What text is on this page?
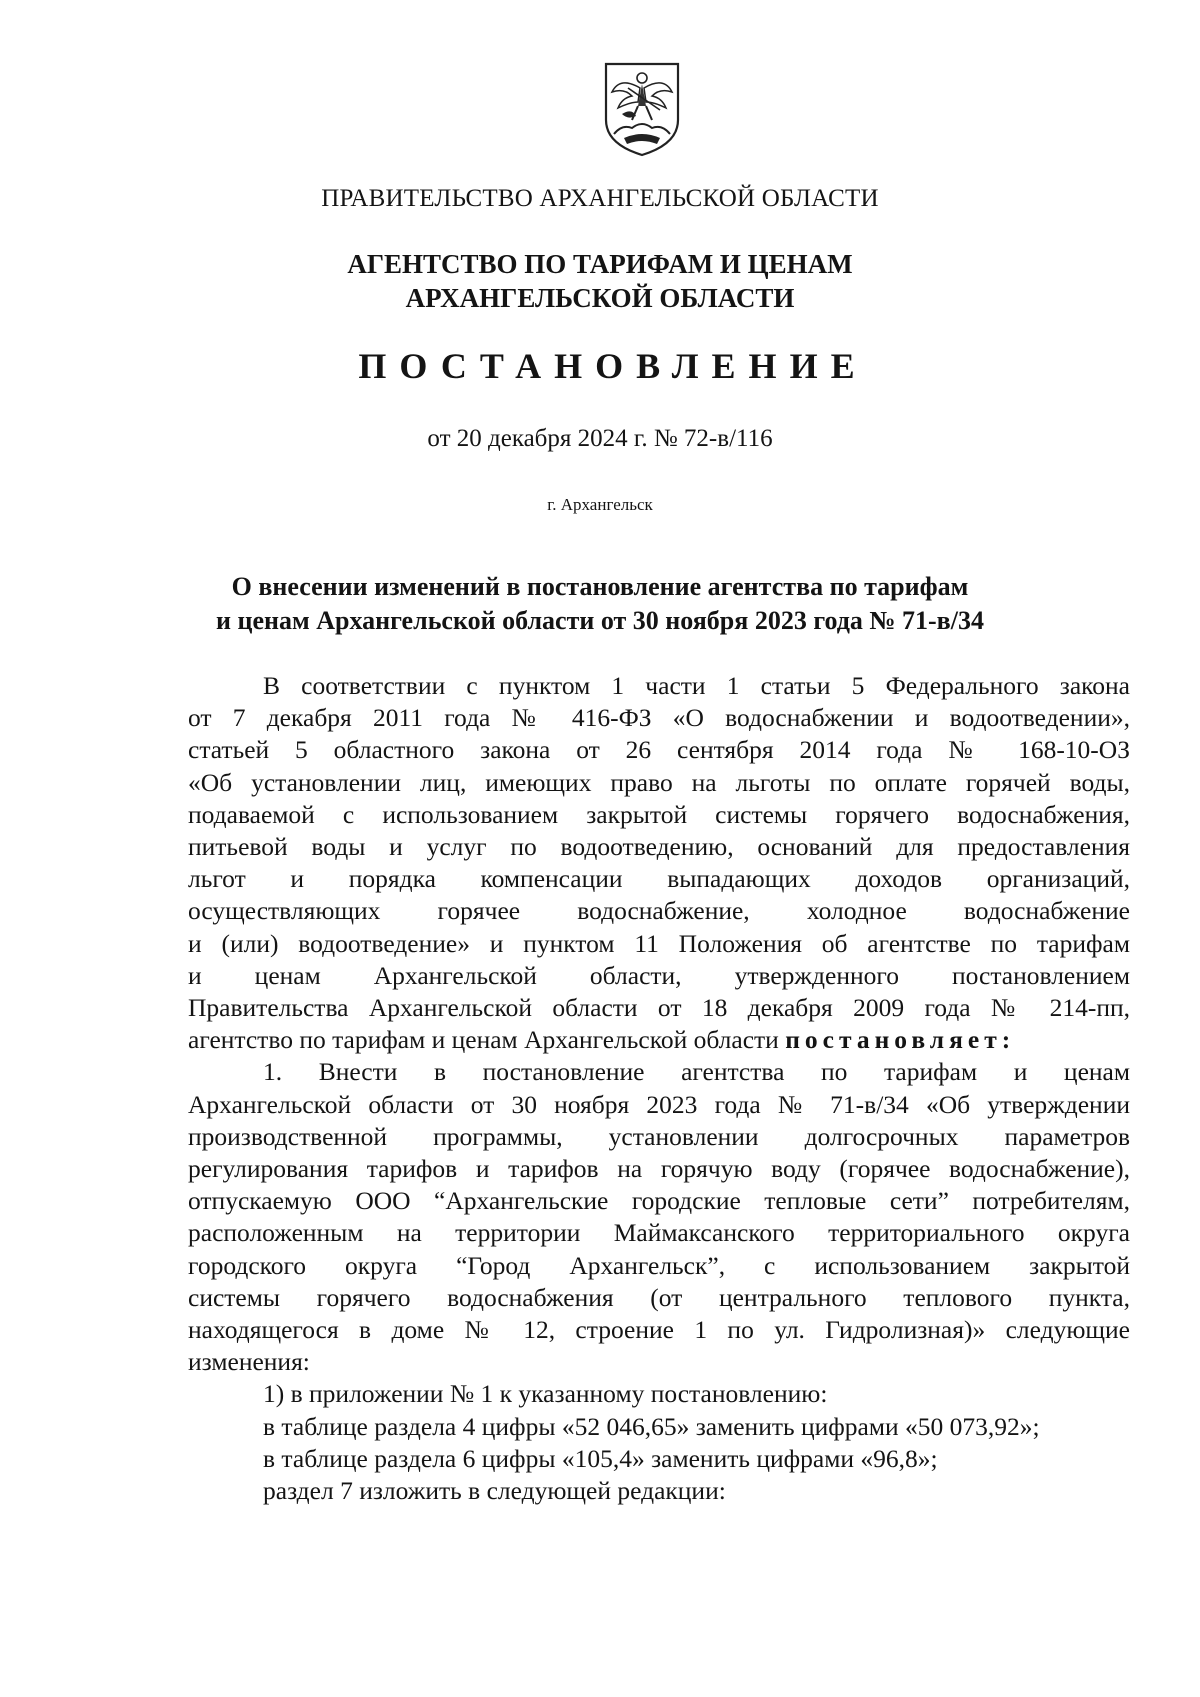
ПРАВИТЕЛЬСТВО АРХАНГЕЛЬСКОЙ ОБЛАСТИ
АГЕНТСТВО ПО ТАРИФАМ И ЦЕНАМ
АРХАНГЕЛЬСКОЙ ОБЛАСТИ
ПОСТАНОВЛЕНИЕ
от 20 декабря 2024 г. № 72-в/116
г. Архангельск
О внесении изменений в постановление агентства по тарифам
и ценам Архангельской области от 30 ноября 2023 года № 71-в/34
В соответствии с пунктом 1 части 1 статьи 5 Федерального закона
от 7 декабря 2011 года № 416-ФЗ «О водоснабжении и водоотведении»,
статьей 5 областного закона от 26 сентября 2014 года № 168-10-ОЗ
«Об установлении лиц, имеющих право на льготы по оплате горячей воды,
подаваемой с использованием закрытой системы горячего водоснабжения,
питьевой воды и услуг по водоотведению, оснований для предоставления
льгот и порядка компенсации выпадающих доходов организаций,
осуществляющих горячее водоснабжение, холодное водоснабжение
и (или) водоотведение» и пунктом 11 Положения об агентстве по тарифам
и ценам Архангельской области, утвержденного постановлением
Правительства Архангельской области от 18 декабря 2009 года № 214-пп,
агентство по тарифам и ценам Архангельской области постановляет:
1. Внести в постановление агентства по тарифам и ценам
Архангельской области от 30 ноября 2023 года № 71-в/34 «Об утверждении
производственной программы, установлении долгосрочных параметров
регулирования тарифов и тарифов на горячую воду (горячее водоснабжение),
отпускаемую ООО “Архангельские городские тепловые сети” потребителям,
расположенным на территории Маймаксанского территориального округа
городского округа “Город Архангельск”, с использованием закрытой
системы горячего водоснабжения (от центрального теплового пункта,
находящегося в доме № 12, строение 1 по ул. Гидролизная)» следующие
изменения:
1) в приложении № 1 к указанному постановлению:
в таблице раздела 4 цифры «52 046,65» заменить цифрами «50 073,92»;
в таблице раздела 6 цифры «105,4» заменить цифрами «96,8»;
раздел 7 изложить в следующей редакции:
